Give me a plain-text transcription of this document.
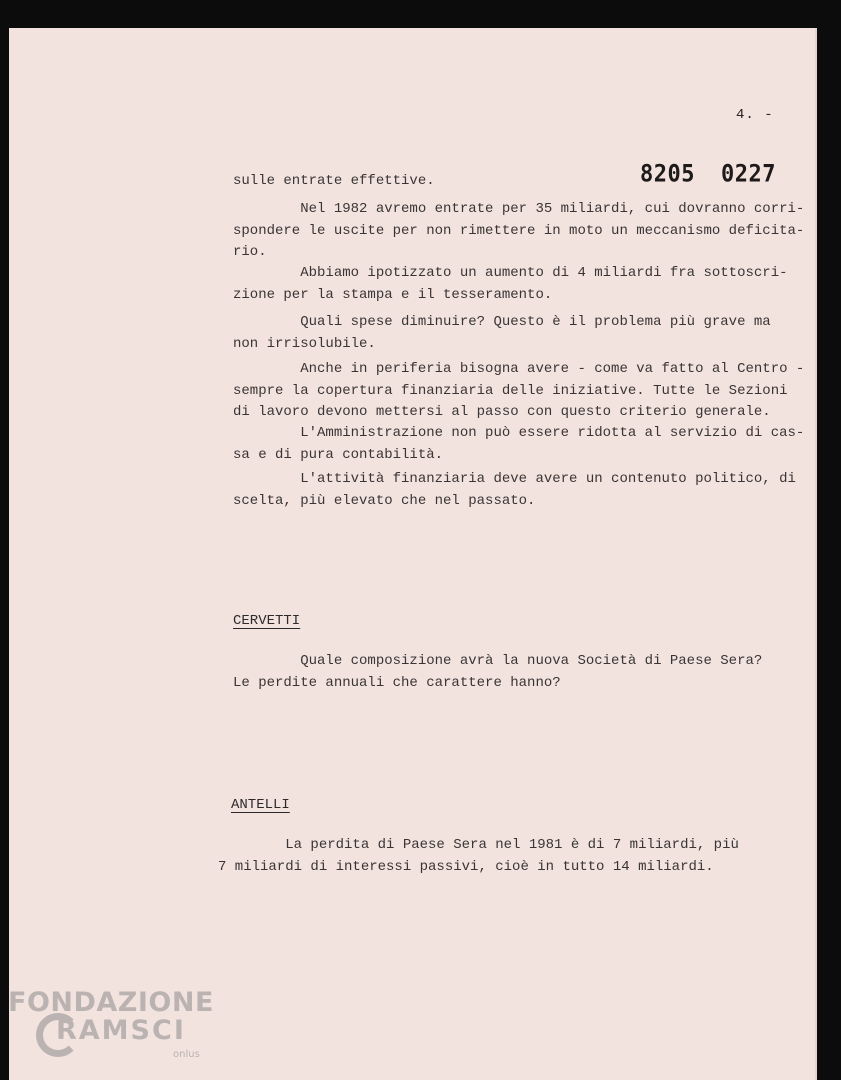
4. -
8205 0227
sulle entrate effettive.
Nel 1982 avremo entrate per 35 miliardi, cui dovranno
spondere le uscite per non rimettere in moto un meccanismo deficita-
rio.
Abbiamo ipotizzato un aumento di 4 miliardi fra sottoscri-
zione per la stampa e il tesseramento.
Quali spese diminuire? Questo è il problema più grave ma
non irrisolubile.
Anche in periferia bisogna avere - come va fatto al Centro
sempre la copertura finanziaria delle iniziative. Tutte le Sezioni
di lavoro devono mettersi al passo con questo criterio generale.
L'Amministrazione non può essere ridotta al servizio di
sa e di pura contabilità.
L'attività finanziaria deve avere un contenuto politico,
scelta, più elevato che nel passato.
CERVETTI
Quale composizione avrà la nuova Società di Paese Sera?
Le perdite annuali che carattere hanno?
ANTELLI
La perdita di Paese Sera nel 1981 è di 7 miliardi, più
7 miliardi di interessi passivi, cioè in tutto 14 miliardi.
FONDAZIONE
RAMSCI
onlus
